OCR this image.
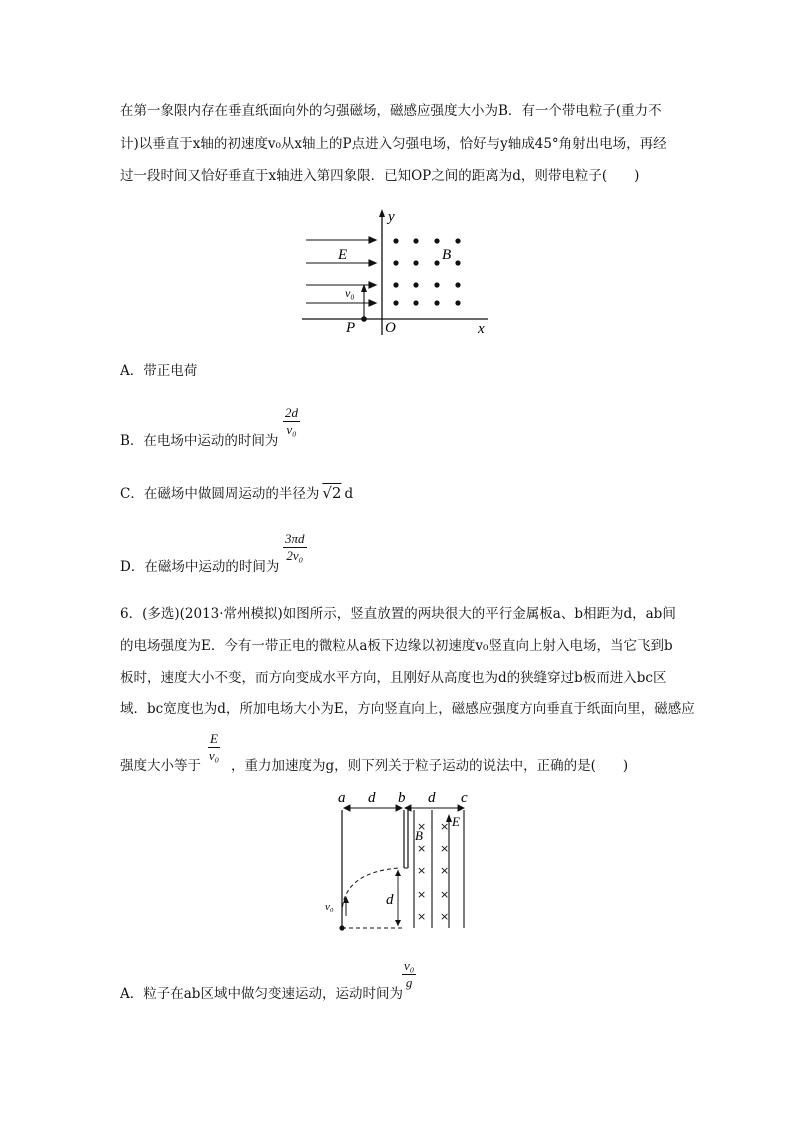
在第一象限内存在垂直纸面向外的匀强磁场，磁感应强度大小为B．有一个带电粒子(重力不
计)以垂直于x轴的初速度v₀从x轴上的P点进入匀强电场，恰好与y轴成45°角射出电场，再经
过一段时间又恰好垂直于x轴进入第四象限．已知OP之间的距离为d，则带电粒子(　　)
y
x
E	B
P O
v₀
A．带正电荷
$\frac{2d}{\text{v₀}}$
B．在电场中运动的时间为
C．在磁场中做圆周运动的半径为 √2 d
$\frac{3\pi d}{\text{2v₀}}$
D．在磁场中运动的时间为
6．(多选)(2013·常州模拟)如图所示，竖直放置的两块很大的平行金属板a、b相距为d，ab间
的电场强度为E．今有一带正电的微粒从a板下边缘以初速度v₀竖直向上射入电场，当它飞到b
板时，速度大小不变，而方向变成水平方向，且刚好从高度也为d的狭缝穿过b板而进入bc区
域．bc宽度也为d，所加电场大小为E，方向竖直向上，磁感应强度方向垂直于纸面向里，磁感应
$\frac{E}{\text{v₀}}$
强度大小等于 ，重力加速度为g，则下列关于粒子运动的说法中，正确的是(　　)
a d b d c
× ×
× ×
× ×
× ×
× ×
B
E
v₀	d
$\frac{\text{v₀}}{g}$
A．粒子在ab区域中做匀变速运动，运动时间为
